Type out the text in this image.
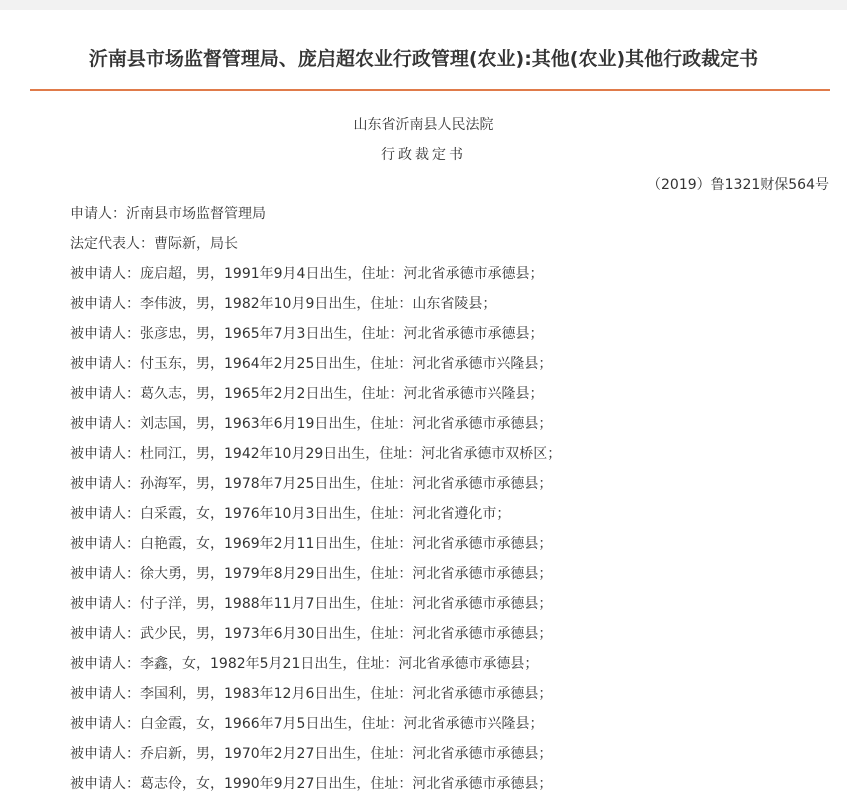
沂南县市场监督管理局、庞启超农业行政管理(农业):其他(农业)其他行政裁定书
山东省沂南县人民法院
行政裁定书
（2019）鲁1321财保564号
申请人：沂南县市场监督管理局
法定代表人：曹际新，局长
被申请人：庞启超，男，1991年9月4日出生，住址：河北省承德市承德县；
被申请人：李伟波，男，1982年10月9日出生，住址：山东省陵县；
被申请人：张彦忠，男，1965年7月3日出生，住址：河北省承德市承德县；
被申请人：付玉东，男，1964年2月25日出生，住址：河北省承德市兴隆县；
被申请人：葛久志，男，1965年2月2日出生，住址：河北省承德市兴隆县；
被申请人：刘志国，男，1963年6月19日出生，住址：河北省承德市承德县；
被申请人：杜同江，男，1942年10月29日出生，住址：河北省承德市双桥区；
被申请人：孙海军，男，1978年7月25日出生，住址：河北省承德市承德县；
被申请人：白采霞，女，1976年10月3日出生，住址：河北省遵化市；
被申请人：白艳霞，女，1969年2月11日出生，住址：河北省承德市承德县；
被申请人：徐大勇，男，1979年8月29日出生，住址：河北省承德市承德县；
被申请人：付子洋，男，1988年11月7日出生，住址：河北省承德市承德县；
被申请人：武少民，男，1973年6月30日出生，住址：河北省承德市承德县；
被申请人：李鑫，女，1982年5月21日出生，住址：河北省承德市承德县；
被申请人：李国利，男，1983年12月6日出生，住址：河北省承德市承德县；
被申请人：白金霞，女，1966年7月5日出生，住址：河北省承德市兴隆县；
被申请人：乔启新，男，1970年2月27日出生，住址：河北省承德市承德县；
被申请人：葛志伶，女，1990年9月27日出生，住址：河北省承德市承德县；
